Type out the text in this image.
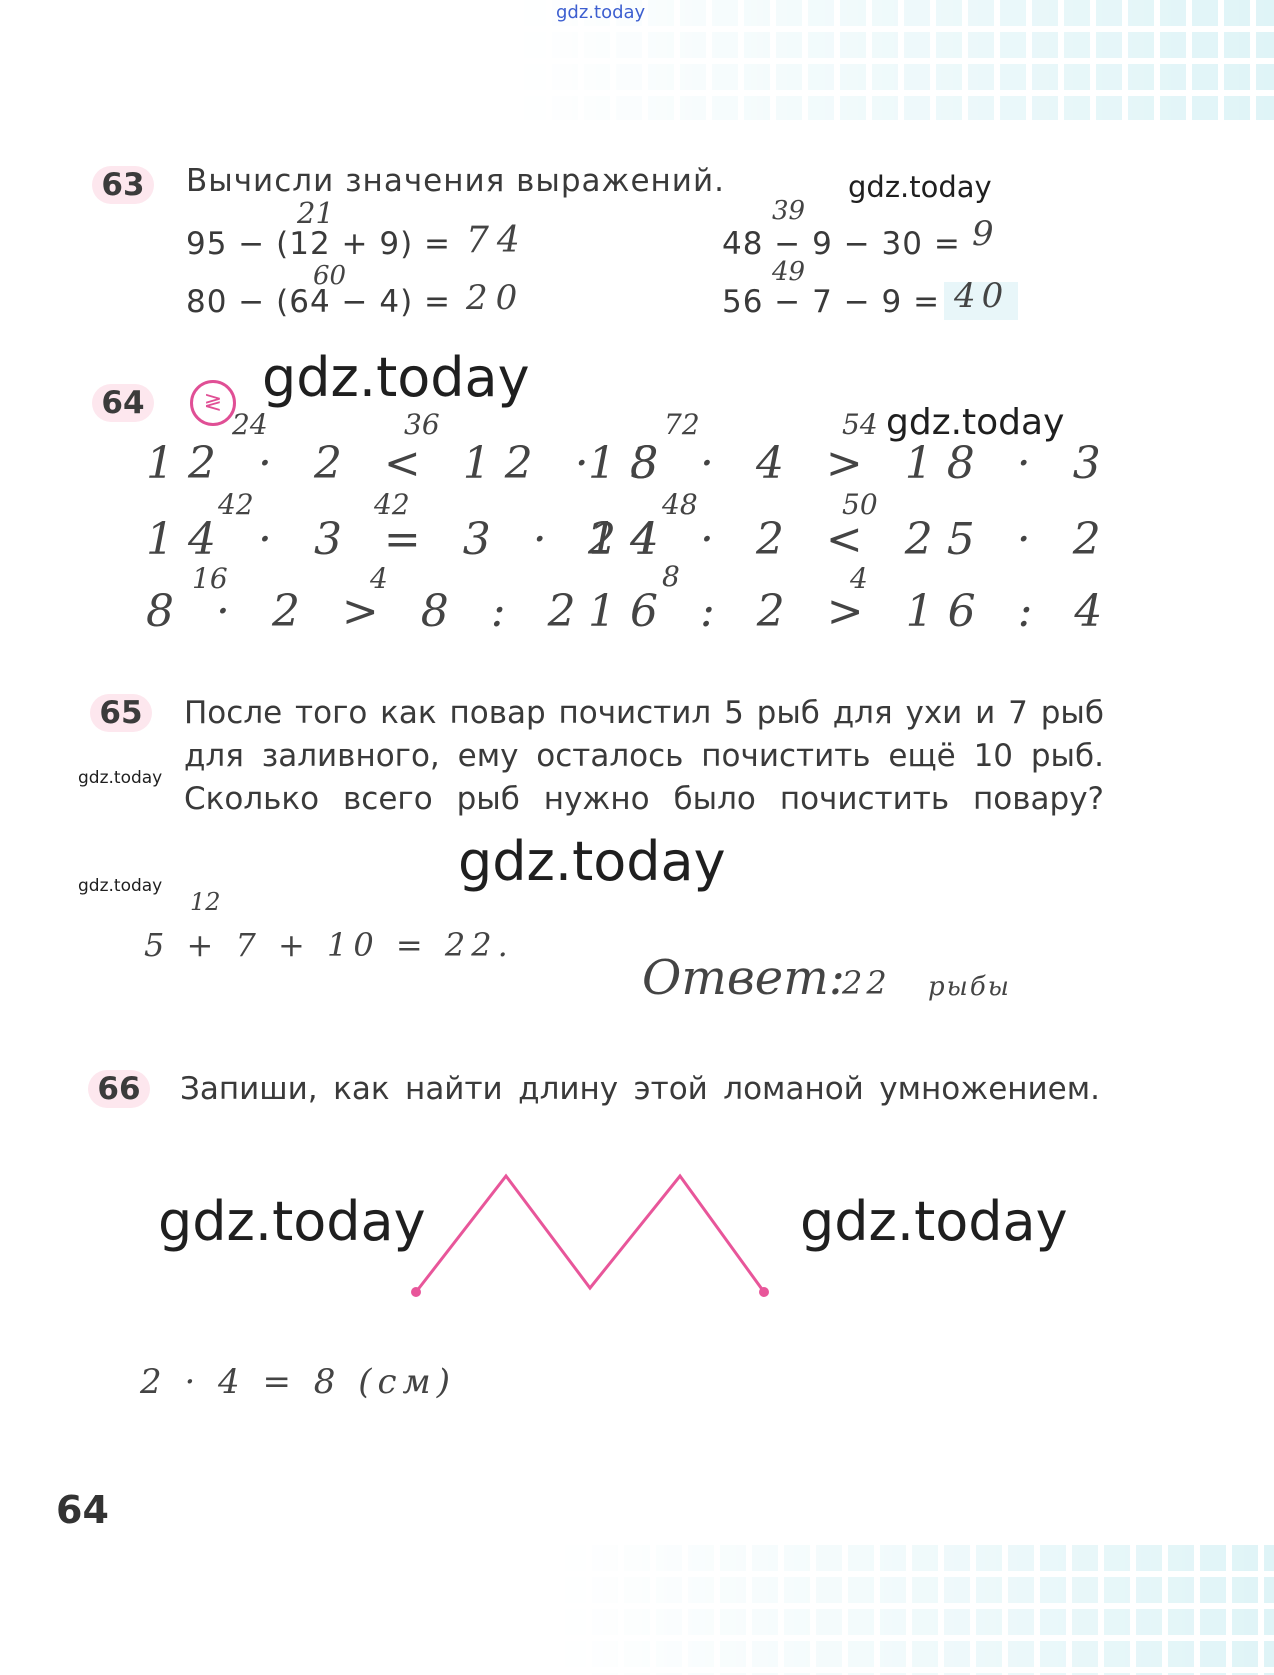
gdz.today
63	Вычисли значения выражений.	gdz.today
95 − (12 + 9) =
21
74
80 − (64 − 4) =
60
20
48 − 9 − 30 =
39
9
56 − 7 − 9 =
49
40
64	≷ gdz.today
gdz.today
24	36
12 · 2 < 12 · 3
42	42
14 · 3 = 3 · 14
16	4
8 · 2 > 8 : 2
72	54
18 · 4 > 18 · 3
48	50
24 · 2 < 25 · 2
8	4
16 : 2 > 16 : 4
65	После того как повар почистил 5 рыб для ухи и 7 рыб для заливного, ему осталось почистить ещё 10 рыб. Сколько всего рыб нужно было почистить повару?
gdz.today
gdz.today	gdz.today
12
5 + 7 + 10 = 22.
Ответ:
22 рыбы
66	Запиши, как найти длину этой ломаной умножением.
gdz.today	gdz.today
2 · 4 = 8 (см)
64
